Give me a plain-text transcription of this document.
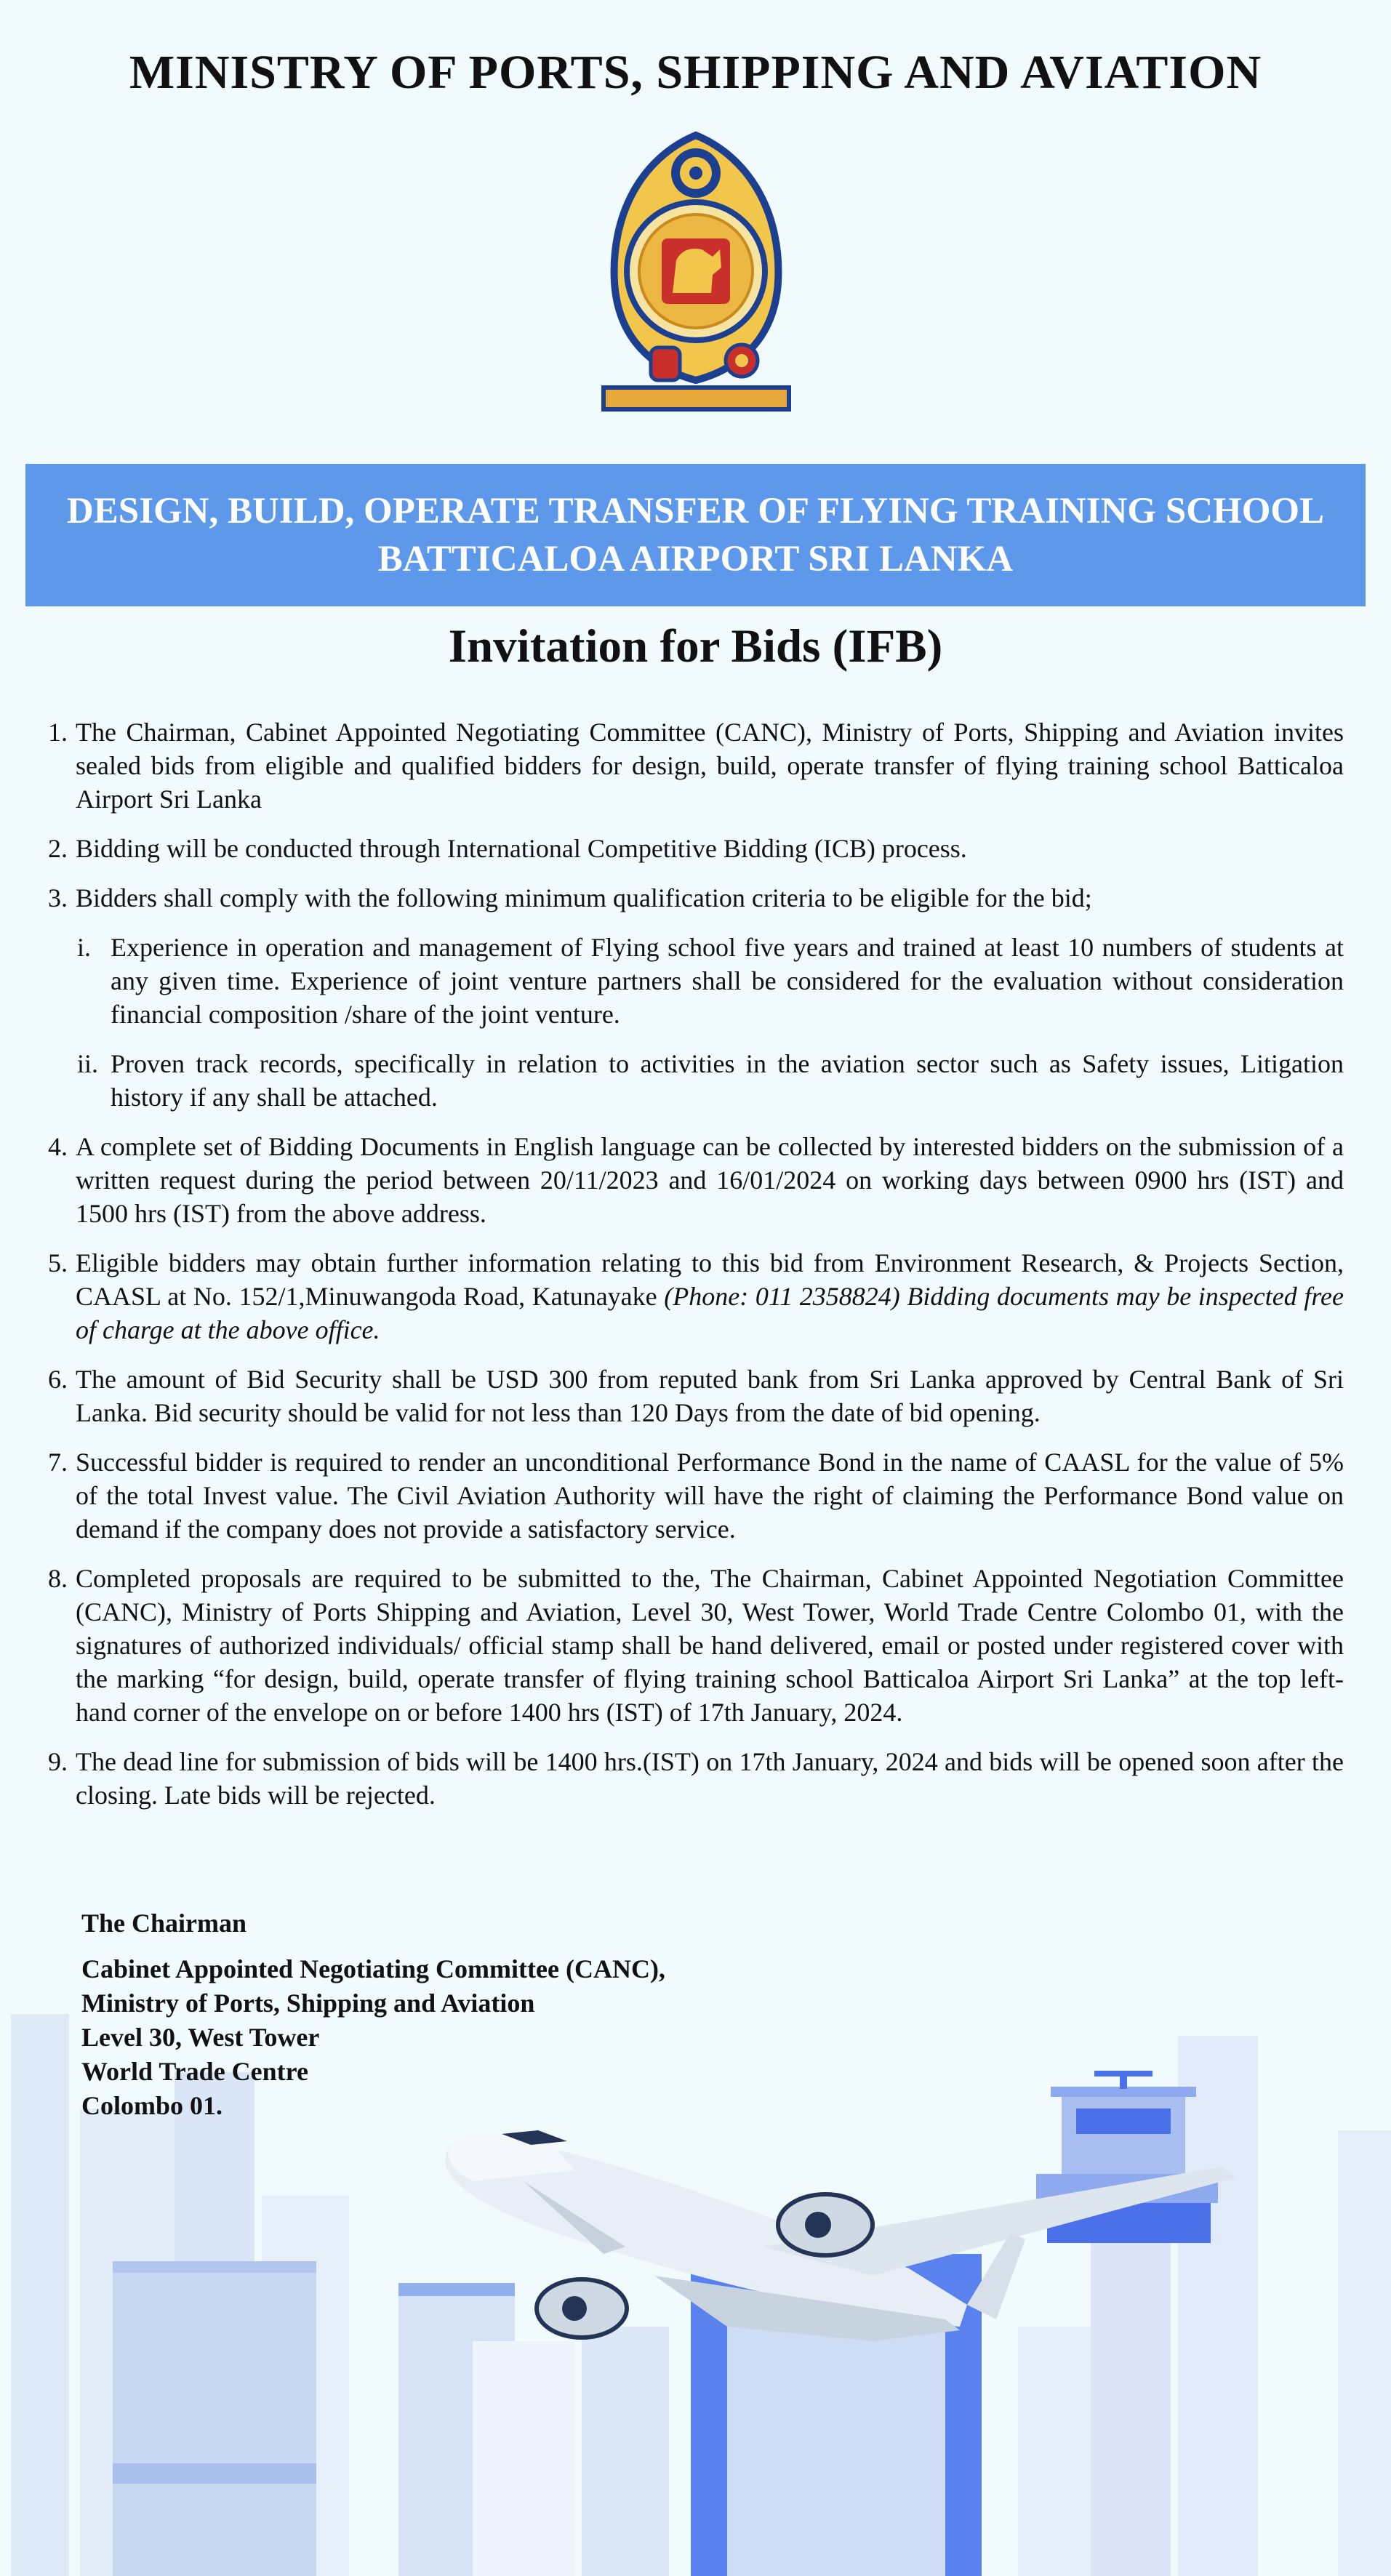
MINISTRY OF PORTS, SHIPPING AND AVIATION
DESIGN, BUILD, OPERATE TRANSFER OF FLYING TRAINING SCHOOL
BATTICALOA AIRPORT SRI LANKA
Invitation for Bids (IFB)
1. The Chairman, Cabinet Appointed Negotiating Committee (CANC), Ministry of Ports, Shipping and Aviation invites sealed bids from eligible and qualified bidders for design, build, operate transfer of flying training school Batticaloa Airport Sri Lanka
2. Bidding will be conducted through International Competitive Bidding (ICB) process.
3. Bidders shall comply with the following minimum qualification criteria to be eligible for the bid;
i. Experience in operation and management of Flying school five years and trained at least 10 numbers of students at any given time. Experience of joint venture partners shall be considered for the evaluation without consideration financial composition /share of the joint venture.
ii. Proven track records, specifically in relation to activities in the aviation sector such as Safety issues, Litigation history if any shall be attached.
4. A complete set of Bidding Documents in English language can be collected by interested bidders on the submission of a written request during the period between 20/11/2023 and 16/01/2024 on working days between 0900 hrs (IST) and 1500 hrs (IST) from the above address.
5. Eligible bidders may obtain further information relating to this bid from Environment Research, & Projects Section, CAASL at No. 152/1,Minuwangoda Road, Katunayake (Phone: 011 2358824) Bidding documents may be inspected free of charge at the above office.
6. The amount of Bid Security shall be USD 300 from reputed bank from Sri Lanka approved by Central Bank of Sri Lanka. Bid security should be valid for not less than 120 Days from the date of bid opening.
7. Successful bidder is required to render an unconditional Performance Bond in the name of CAASL for the value of 5% of the total Invest value. The Civil Aviation Authority will have the right of claiming the Performance Bond value on demand if the company does not provide a satisfactory service.
8. Completed proposals are required to be submitted to the, The Chairman, Cabinet Appointed Negotiation Committee (CANC), Ministry of Ports Shipping and Aviation, Level 30, West Tower, World Trade Centre Colombo 01, with the signatures of authorized individuals/ official stamp shall be hand delivered, email or posted under registered cover with the marking “for design, build, operate transfer of flying training school Batticaloa Airport Sri Lanka” at the top left-hand corner of the envelope on or before 1400 hrs (IST) of 17th January, 2024.
9. The dead line for submission of bids will be 1400 hrs.(IST) on 17th January, 2024 and bids will be opened soon after the closing. Late bids will be rejected.
The Chairman
Cabinet Appointed Negotiating Committee (CANC),
Ministry of Ports, Shipping and Aviation
Level 30, West Tower
World Trade Centre
Colombo 01.
